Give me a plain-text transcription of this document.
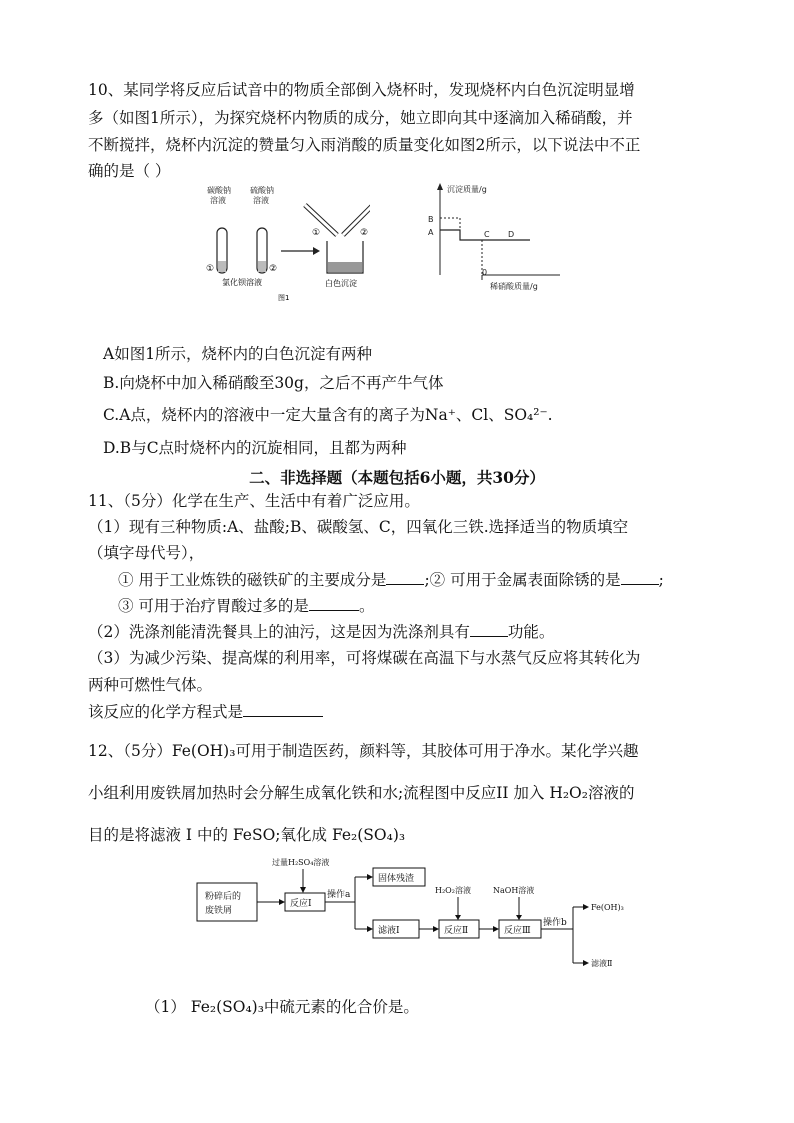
10、某同学将反应后试音中的物质全部倒入烧杯时，发现烧杯内白色沉淀明显增
多（如图1所示），为探究烧杯内物质的成分，她立即向其中逐滴加入稀硝酸，并
不断搅拌，烧杯内沉淀的赞量匀入雨消酸的质量变化如图2所示，以下说法中不正
确的是（ ）
碳酸钠
溶液
硫酸钠
溶液
①	②
氯化钡溶液
①	②
白色沉淀
图1
沉淀质量/g
B
A	C D
0
稀硝酸质量/g
A如图1所示，烧杯内的白色沉淀有两种
B.向烧杯中加入稀硝酸至30g，之后不再产牛气体
C.A点，烧杯内的溶液中一定大量含有的离子为Na⁺、Cl、SO₄²⁻.
D.B与C点时烧杯内的沉旋相同，且都为两种
二、非选择题（本题包括6小题，共30分）
11、（5分）化学在生产、生活中有着广泛应用。
（1）现有三种物质:A、盐酸;B、碳酸氢、C，四氧化三铁.选择适当的物质填空
（填字母代号），
① 用于工业炼铁的磁铁矿的主要成分是 ;② 可用于金属表面除锈的是 ;
③ 可用于治疗胃酸过多的是	。
（2）洗涤剂能清洗餐具上的油污，这是因为洗涤剂具有 功能。
（3）为减少污染、提高煤的利用率，可将煤碳在高温下与水蒸气反应将其转化为
两种可燃性气体。
该反应的化学方程式是
12、（5分）Fe(OH)₃可用于制造医药，颜料等，其胶体可用于净水。某化学兴趣
小组利用废铁屑加热时会分解生成氧化铁和水;流程图中反应II 加入 H₂O₂溶液的
目的是将滤液 I 中的 FeSO;氧化成 Fe₂(SO₄)₃
粉碎后的
废铁屑
过量H₂SO₄溶液
反应Ⅰ
操作a
固体残渣
滤液Ⅰ
H₂O₂溶液
反应Ⅱ
NaOH溶液
反应Ⅲ
操作b
Fe(OH)₃
滤液Ⅱ
（1） Fe₂(SO₄)₃中硫元素的化合价是。
